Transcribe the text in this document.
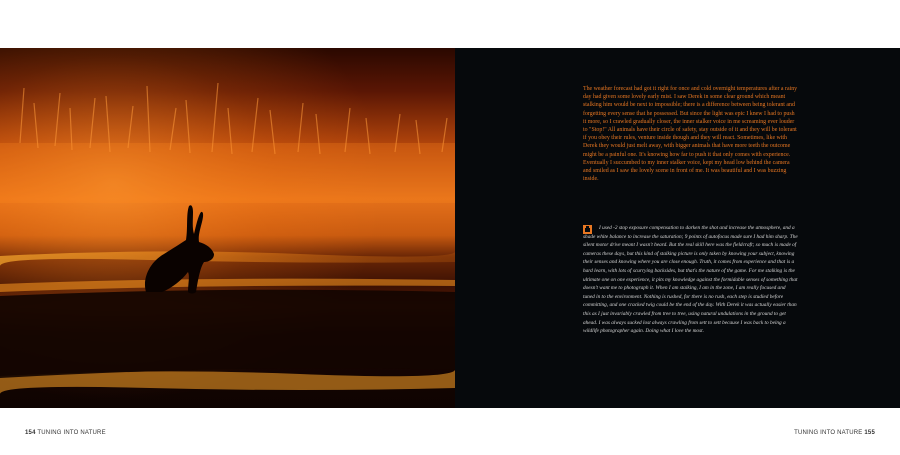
The weather forecast had got it right for once and cold overnight temperatures after a rainy day had given some lovely early mist. I saw Derek in some clear ground which meant stalking him would be next to impossible; there is a difference between being tolerant and forgetting every sense that he possessed. But since the light was epic I knew I had to push it more, so I crawled gradually closer, the inner stalker voice in me screaming ever louder to "Stop!" All animals have their circle of safety, stay outside of it and they will be tolerant if you obey their rules, venture inside though and they will react. Sometimes, like with Derek they would just melt away, with bigger animals that have more teeth the outcome might be a painful one. It's knowing how far to push it that only comes with experience. Eventually I succumbed to my inner stalker voice, kept my head low behind the camera and smiled as I saw the lovely scene in front of me. It was beautiful and I was buzzing inside.

I used -2 stop exposure compensation to darken the shot and increase the atmosphere, and a shade white balance to increase the saturation; 9 points of autofocus made sure I had him sharp. The silent motor drive meant I wasn't heard. But the real skill here was the fieldcraft; so much is made of cameras these days, but this kind of stalking picture is only taken by knowing your subject, knowing their senses and knowing where you are close enough. Truth, it comes from experience and that is a hard learn, with lots of scurrying backsides, but that's the nature of the game. For me stalking is the ultimate one on one experience, it pits my knowledge against the formidable senses of something that doesn't want me to photograph it. When I am stalking, I am in the zone, I am really focused and tuned in to the environment. Nothing is rushed, for there is no rush, each step is studied before committing, and one cracked twig could be the end of the day. With Derek it was actually easier than this as I just invariably crawled from tree to tree, using natural undulations in the ground to get ahead. I was always sucked lost always crawling from sett to sett because I was back to being a wildlife photographer again. Doing what I love the most.

154 TUNING INTO NATURE	TUNING INTO NATURE 155
